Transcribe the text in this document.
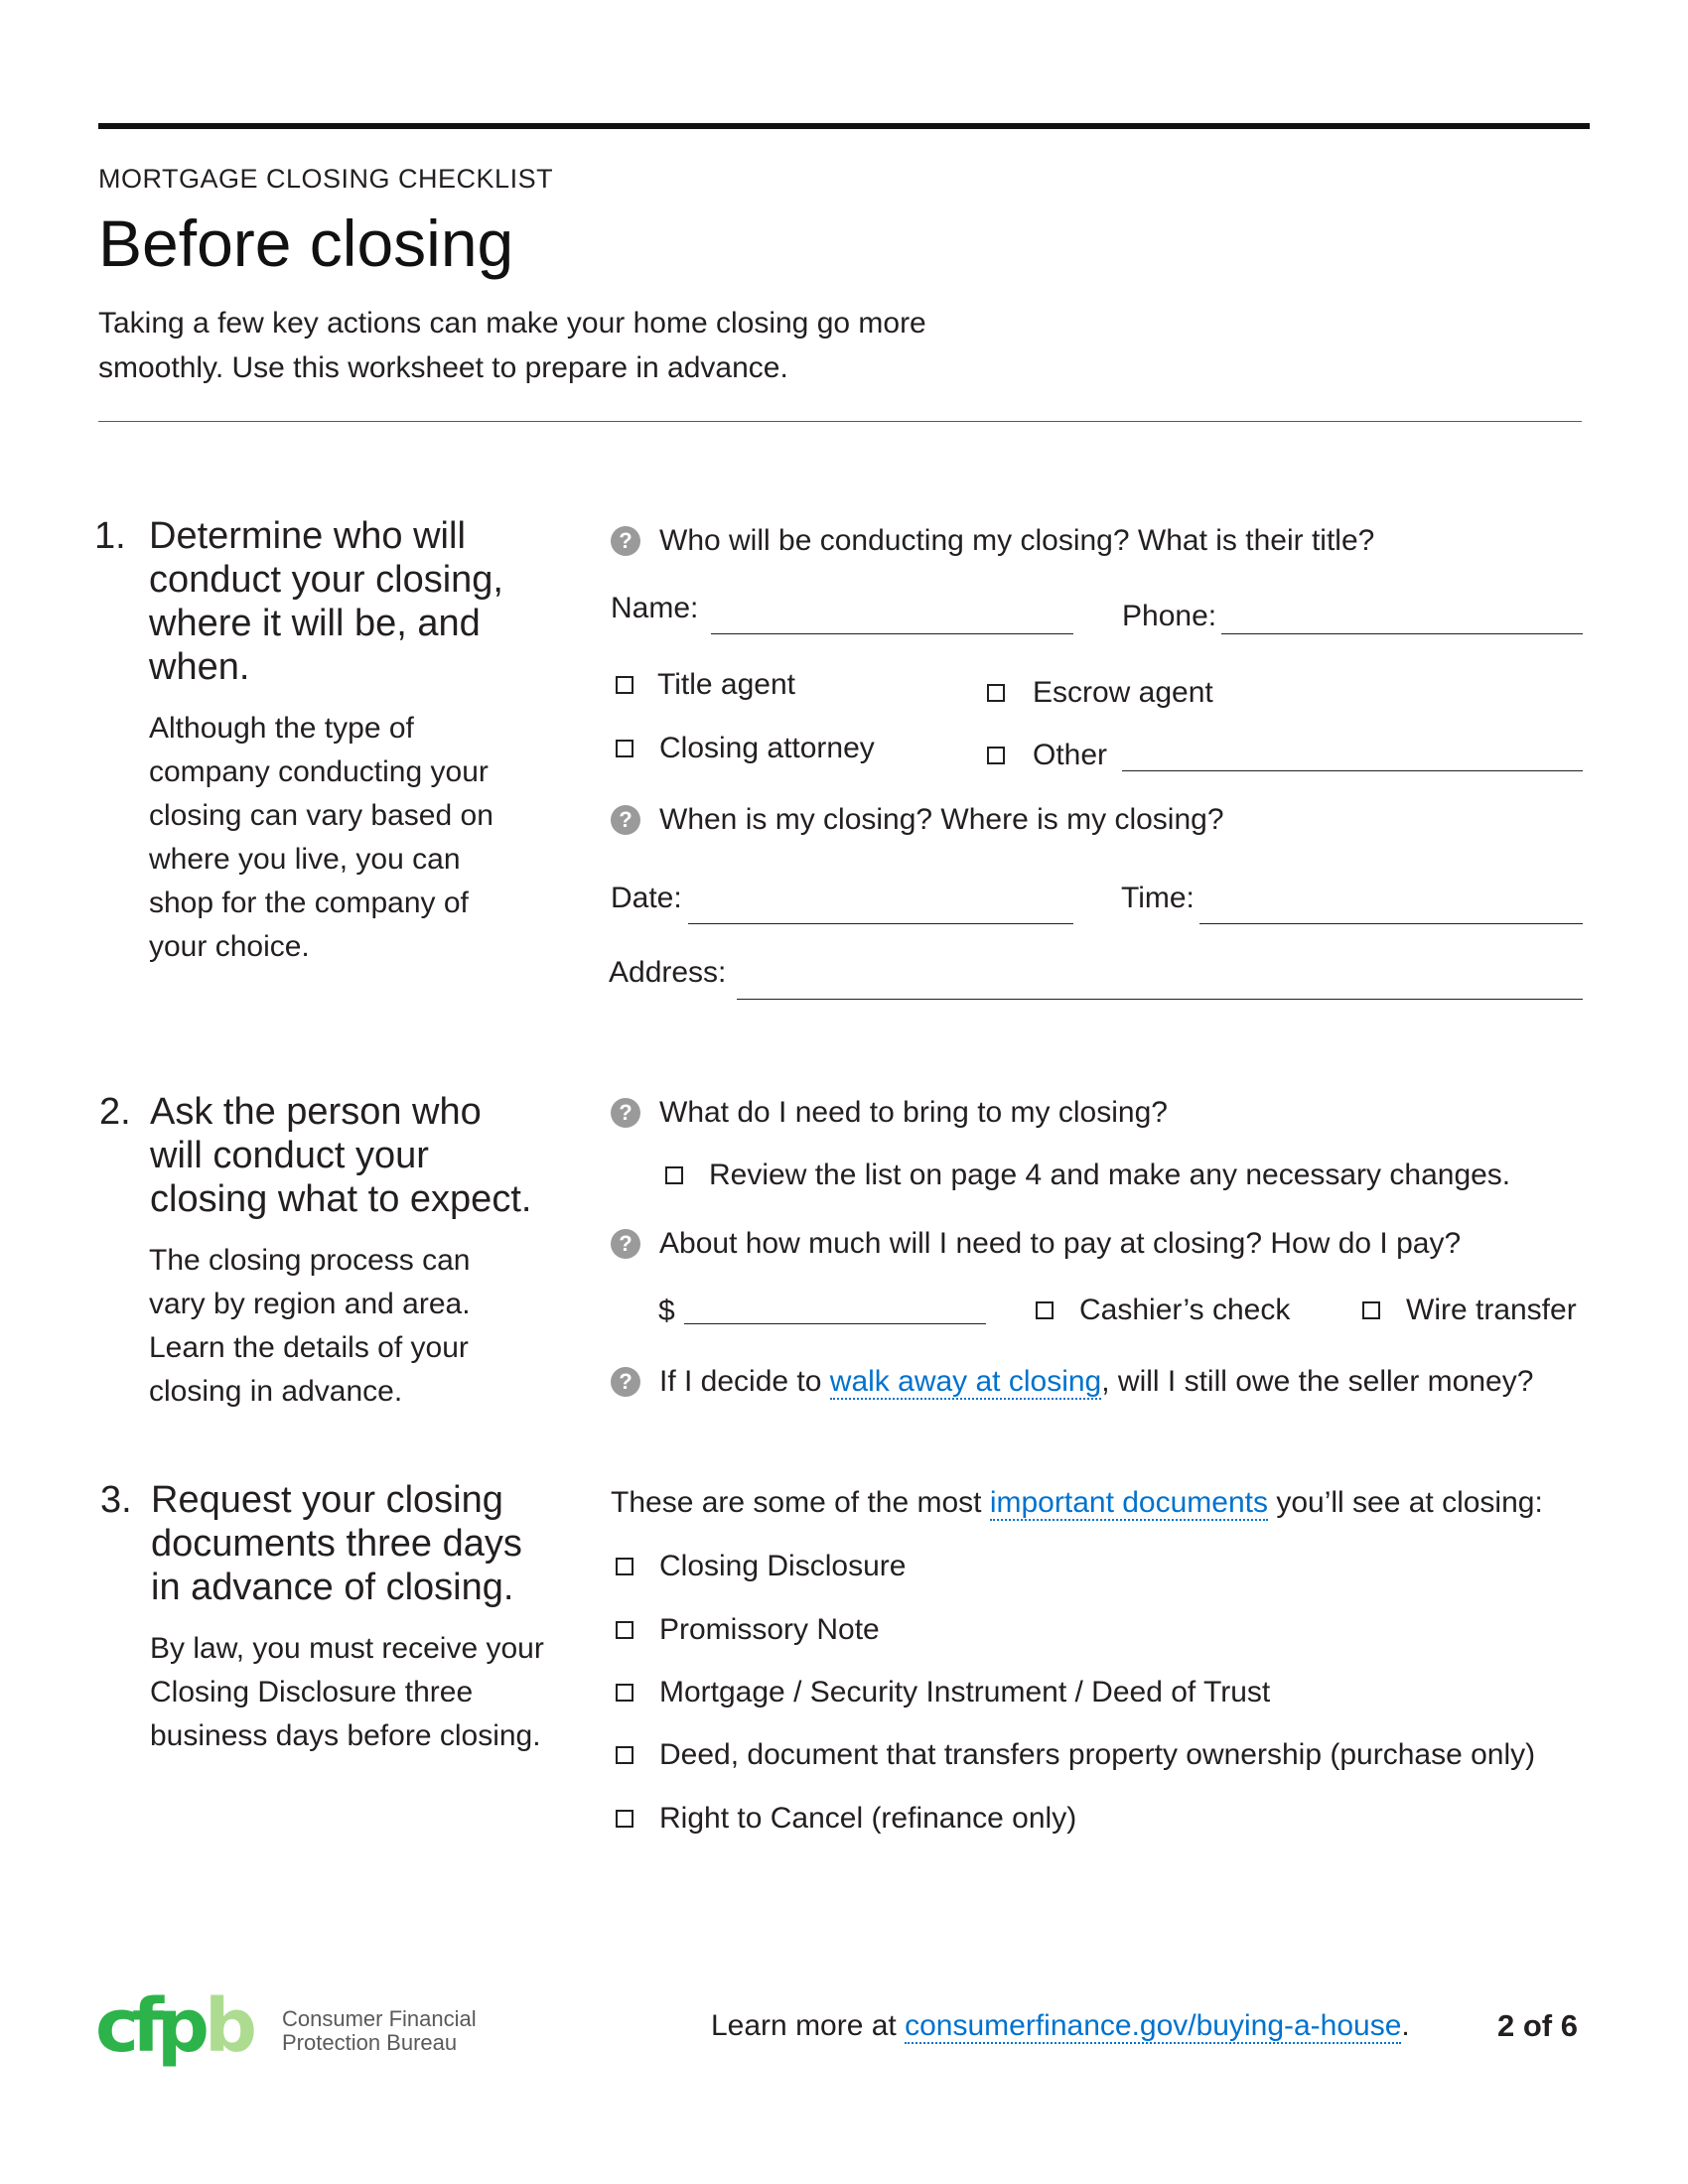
MORTGAGE CLOSING CHECKLIST
Before closing
Taking a few key actions can make your home closing go more
smoothly. Use this worksheet to prepare in advance.
1. Determine who will
conduct your closing,
where it will be, and
when.
Although the type of
company conducting your
closing can vary based on
where you live, you can
shop for the company of
your choice.
? Who will be conducting my closing? What is their title?
Name:	Phone:
Title agent	Escrow agent
Closing attorney	Other
? When is my closing? Where is my closing?
Date:	Time:
Address:
2. Ask the person who
will conduct your
closing what to expect.
The closing process can
vary by region and area.
Learn the details of your
closing in advance.
? What do I need to bring to my closing?
Review the list on page 4 and make any necessary changes.
? About how much will I need to pay at closing? How do I pay?
$	Cashier’s check	Wire transfer
? If I decide to walk away at closing, will I still owe the seller money?
3. Request your closing
documents three days
in advance of closing.
By law, you must receive your
Closing Disclosure three
business days before closing.
These are some of the most important documents you’ll see at closing:
Closing Disclosure
Promissory Note
Mortgage / Security Instrument / Deed of Trust
Deed, document that transfers property ownership (purchase only)
Right to Cancel (refinance only)
cfp b Consumer Financial
Protection Bureau
Learn more at consumerfinance.gov/buying-a-house.	2 of 6
